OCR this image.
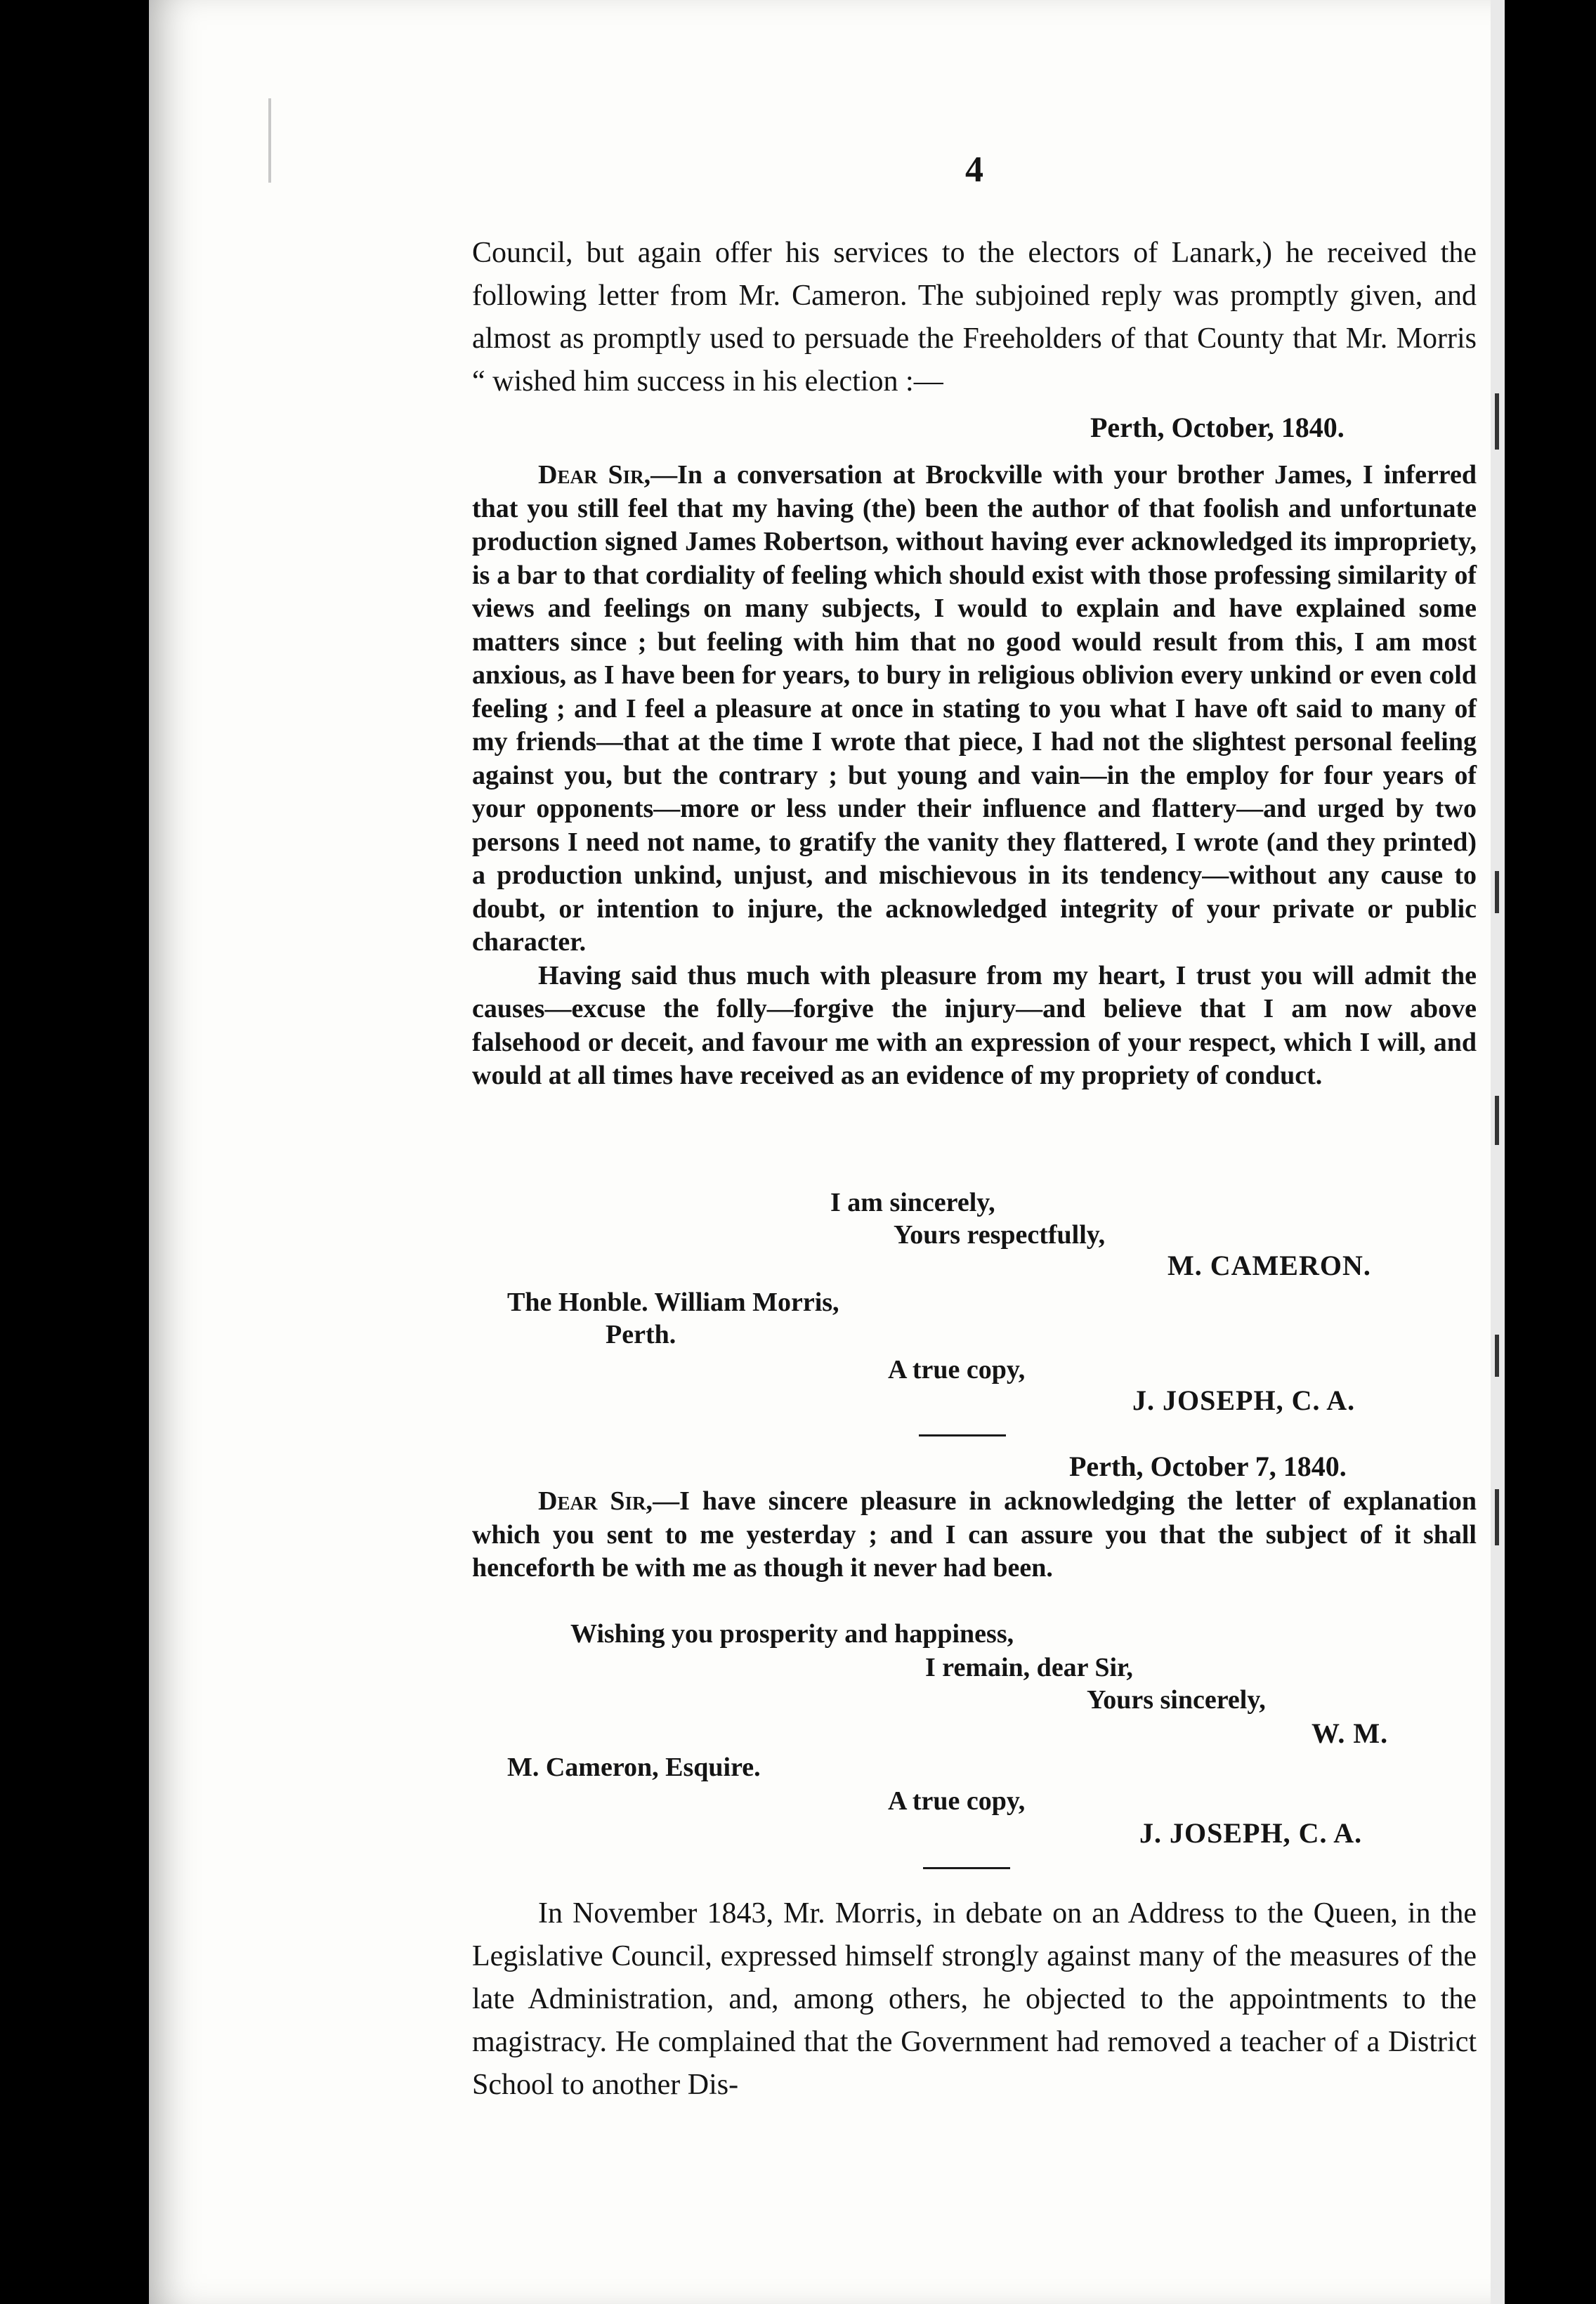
4

Council, but again offer his services to the electors of Lanark,) he received the following letter from Mr. Cameron. The subjoined reply was promptly given, and almost as promptly used to persuade the Freeholders of that County that Mr. Morris “ wished him success in his election :—

Perth, October, 1840.

Dear Sir,—In a conversation at Brockville with your brother James, I inferred that you still feel that my having (the) been the author of that foolish and unfortunate production signed James Robertson, without having ever acknowledged its impropriety, is a bar to that cordiality of feeling which should exist with those professing similarity of views and feelings on many subjects, I would to explain and have explained some matters since ; but feeling with him that no good would result from this, I am most anxious, as I have been for years, to bury in religious oblivion every unkind or even cold feeling ; and I feel a pleasure at once in stating to you what I have oft said to many of my friends—that at the time I wrote that piece, I had not the slightest personal feeling against you, but the contrary ; but young and vain—in the employ for four years of your opponents—more or less under their influence and flattery—and urged by two persons I need not name, to gratify the vanity they flattered, I wrote (and they printed) a production unkind, unjust, and mischievous in its tendency—without any cause to doubt, or intention to injure, the acknowledged integrity of your private or public character.

Having said thus much with pleasure from my heart, I trust you will admit the causes—excuse the folly—forgive the injury—and believe that I am now above falsehood or deceit, and favour me with an expression of your respect, which I will, and would at all times have received as an evidence of my propriety of conduct.

I am sincerely,
Yours respectfully,
M. CAMERON.
The Honble. William Morris,
Perth.
A true copy,
J. JOSEPH, C. A.
Perth, October 7, 1840.

Dear Sir,—I have sincere pleasure in acknowledging the letter of explanation which you sent to me yesterday ; and I can assure you that the subject of it shall henceforth be with me as though it never had been.

Wishing you prosperity and happiness,
I remain, dear Sir,
Yours sincerely,
W. M.
M. Cameron, Esquire.
A true copy,
J. JOSEPH, C. A.

In November 1843, Mr. Morris, in debate on an Address to the Queen, in the Legislative Council, expressed himself strongly against many of the measures of the late Administration, and, among others, he objected to the appointments to the magistracy. He complained that the Government had removed a teacher of a District School to another Dis-
